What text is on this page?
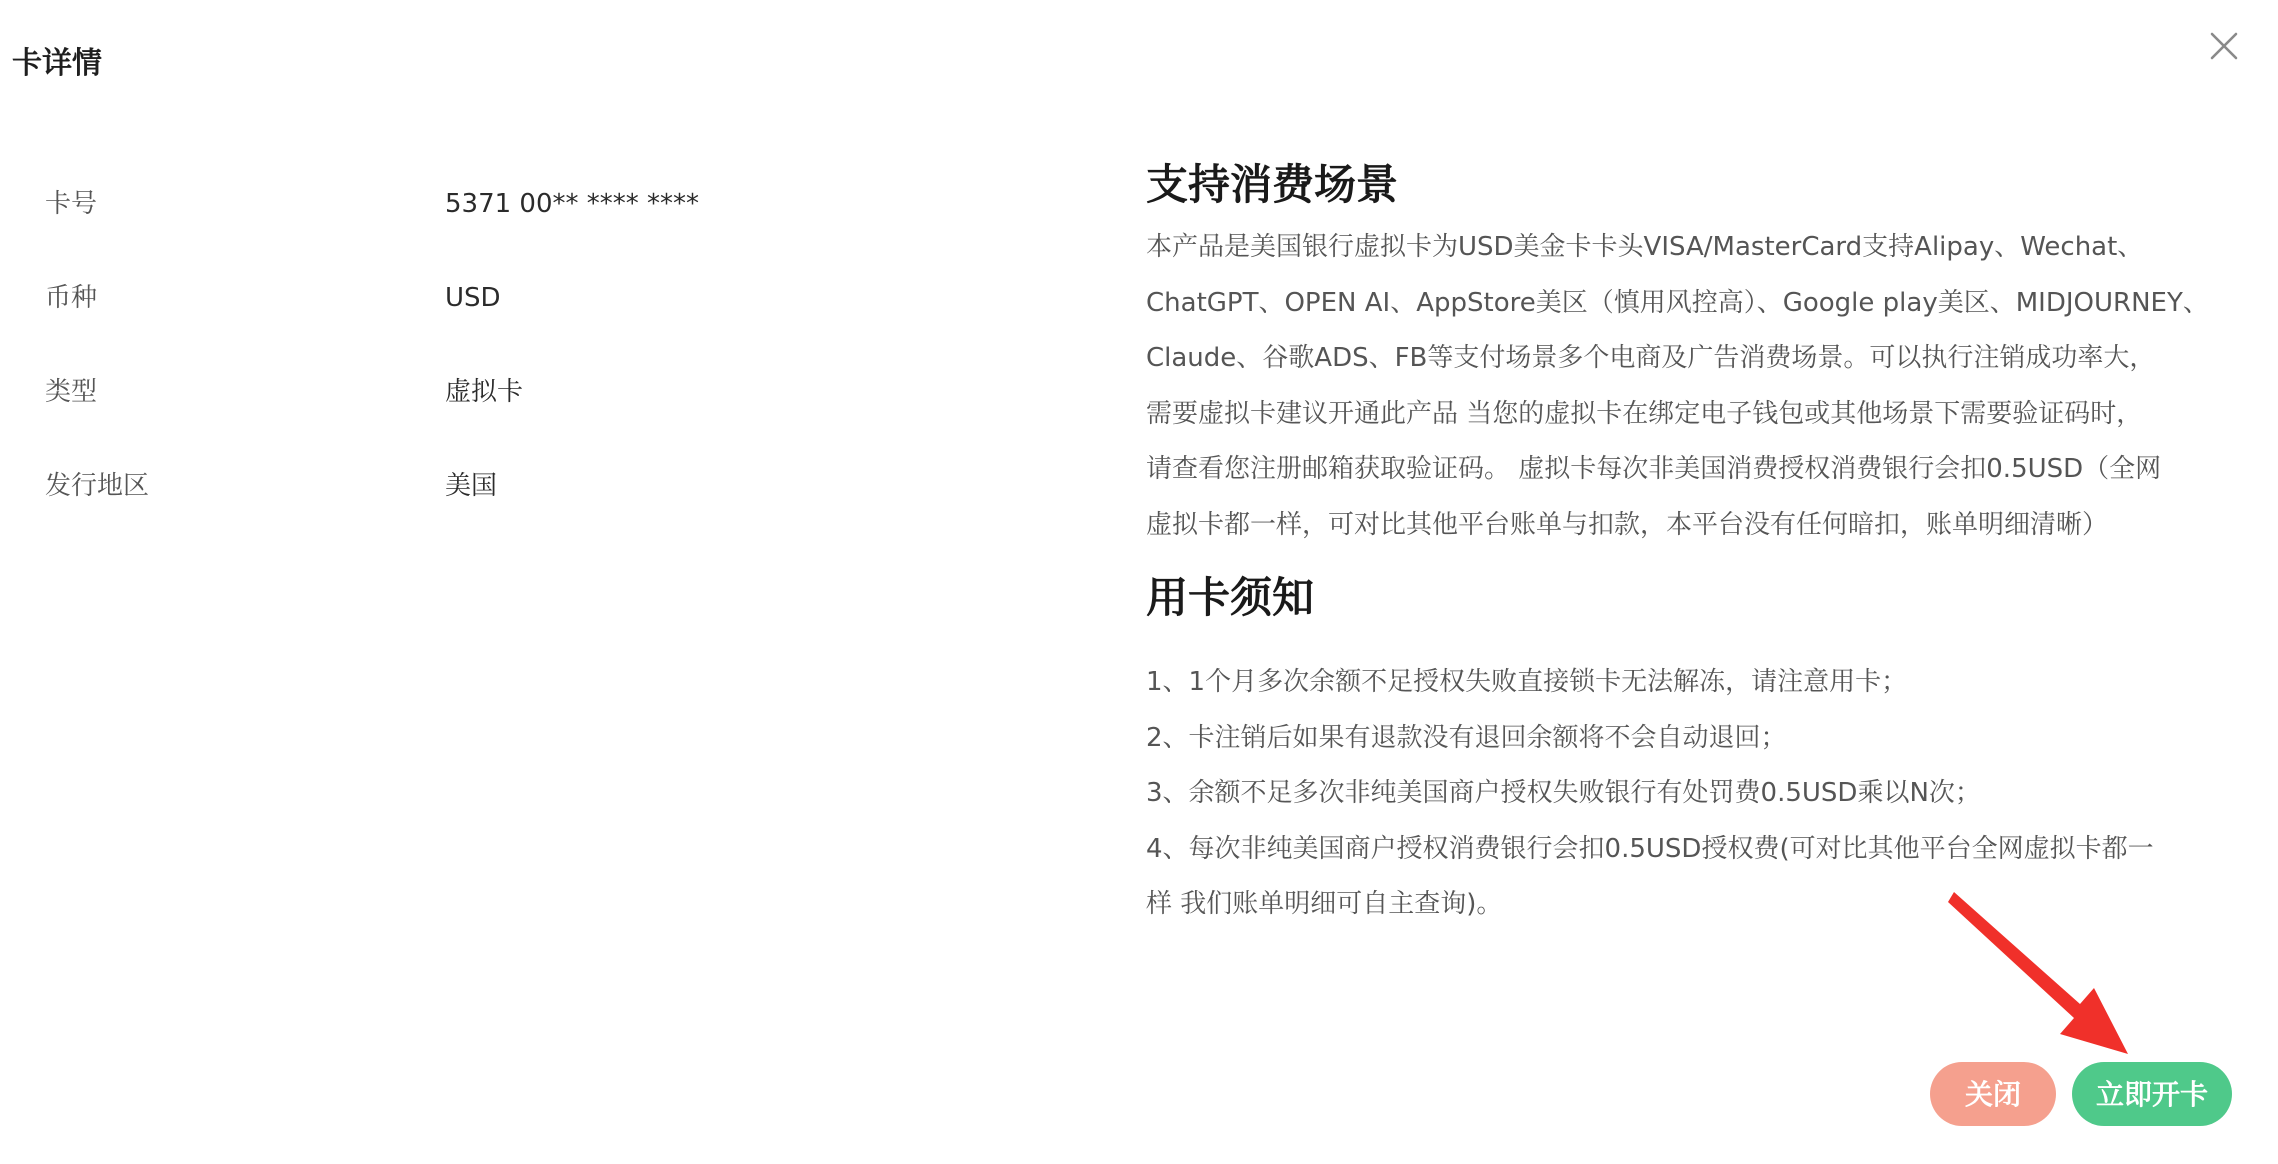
卡详情
卡号	5371 00** **** ****
币种	USD
类型	虚拟卡
发行地区	美国
支持消费场景

本产品是美国银行虚拟卡为USD美金卡卡头VISA/MasterCard支持Alipay、Wechat、
ChatGPT、OPEN AI、AppStore美区（慎用风控高）、Google play美区、MIDJOURNEY、
Claude、谷歌ADS、FB等支付场景多个电商及广告消费场景。可以执行注销成功率大，
需要虚拟卡建议开通此产品 当您的虚拟卡在绑定电子钱包或其他场景下需要验证码时，
请查看您注册邮箱获取验证码。 虚拟卡每次非美国消费授权消费银行会扣0.5USD（全网
虚拟卡都一样，可对比其他平台账单与扣款，本平台没有任何暗扣，账单明细清晰）

用卡须知
1、1个月多次余额不足授权失败直接锁卡无法解冻，请注意用卡；
2、卡注销后如果有退款没有退回余额将不会自动退回；
3、余额不足多次非纯美国商户授权失败银行有处罚费0.5USD乘以N次；
4、每次非纯美国商户授权消费银行会扣0.5USD授权费(可对比其他平台全网虚拟卡都一
样 我们账单明细可自主查询)。
关闭	立即开卡
